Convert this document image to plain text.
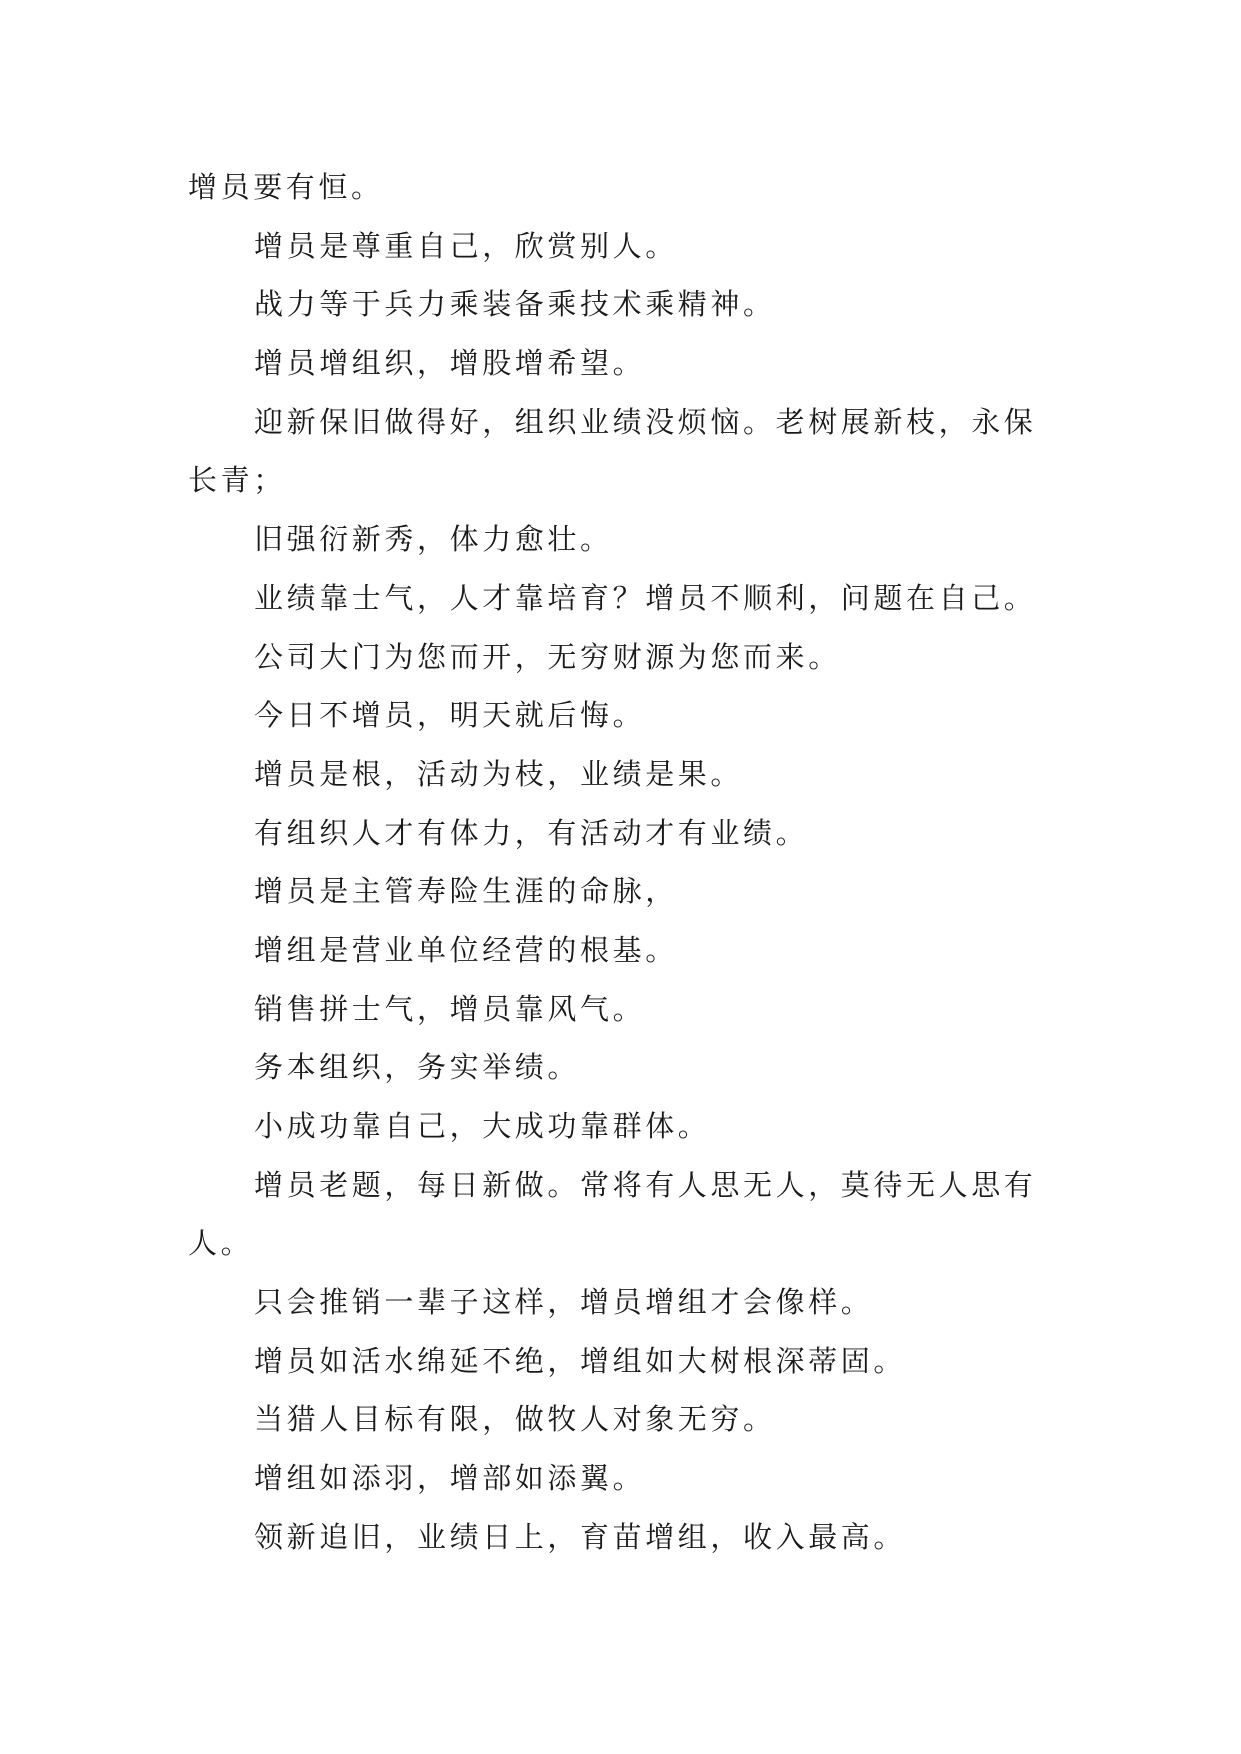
增员要有恒。

增员是尊重自己，欣赏别人。

战力等于兵力乘装备乘技术乘精神。

增员增组织，增股增希望。

迎新保旧做得好，组织业绩没烦恼。老树展新枝，永保

长青；

旧强衍新秀，体力愈壮。

业绩靠士气，人才靠培育？增员不顺利，问题在自己。

公司大门为您而开，无穷财源为您而来。

今日不增员，明天就后悔。

增员是根，活动为枝，业绩是果。

有组织人才有体力，有活动才有业绩。

增员是主管寿险生涯的命脉，

增组是营业单位经营的根基。

销售拼士气，增员靠风气。

务本组织，务实举绩。

小成功靠自己，大成功靠群体。

增员老题，每日新做。常将有人思无人，莫待无人思有

人。

只会推销一辈子这样，增员增组才会像样。

增员如活水绵延不绝，增组如大树根深蒂固。

当猎人目标有限，做牧人对象无穷。

增组如添羽，增部如添翼。

领新追旧，业绩日上，育苗增组，收入最高。
